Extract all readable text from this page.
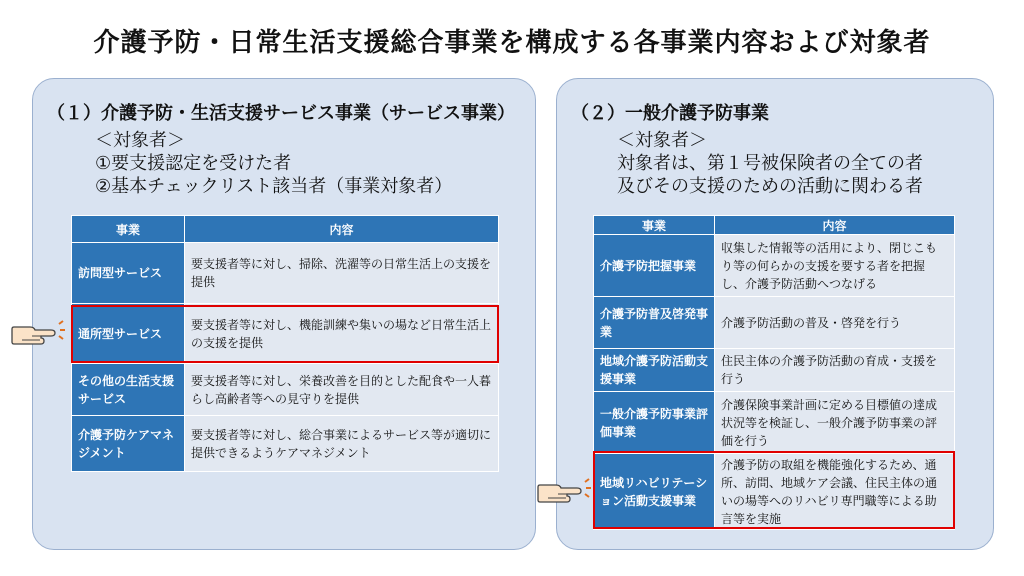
介護予防・日常生活支援総合事業を構成する各事業内容および対象者
（１）介護予防・生活支援サービス事業（サービス事業）
＜対象者＞
①要支援認定を受けた者
②基本チェックリスト該当者（事業対象者）
事業	内容
訪問型サービス	要支援者等に対し、掃除、洗濯等の日常生活上の支援を提供
通所型サービス	要支援者等に対し、機能訓練や集いの場など日常生活上の支援を提供
その他の生活支援サービス	要支援者等に対し、栄養改善を目的とした配食や一人暮らし高齢者等への見守りを提供
介護予防ケアマネジメント	要支援者等に対し、総合事業によるサービス等が適切に提供できるようケアマネジメント
（２）一般介護予防事業
＜対象者＞
対象者は、第１号被保険者の全ての者
及びその支援のための活動に関わる者
事業	内容
介護予防把握事業	収集した情報等の活用により、閉じこもり等の何らかの支援を要する者を把握し、介護予防活動へつなげる
介護予防普及啓発事業	介護予防活動の普及・啓発を行う
地域介護予防活動支援事業	住民主体の介護予防活動の育成・支援を行う
一般介護予防事業評価事業	介護保険事業計画に定める目標値の達成状況等を検証し、一般介護予防事業の評価を行う
地域リハビリテーション活動支援事業	介護予防の取組を機能強化するため、通所、訪問、地域ケア会議、住民主体の通いの場等へのリハビリ専門職等による助言等を実施
